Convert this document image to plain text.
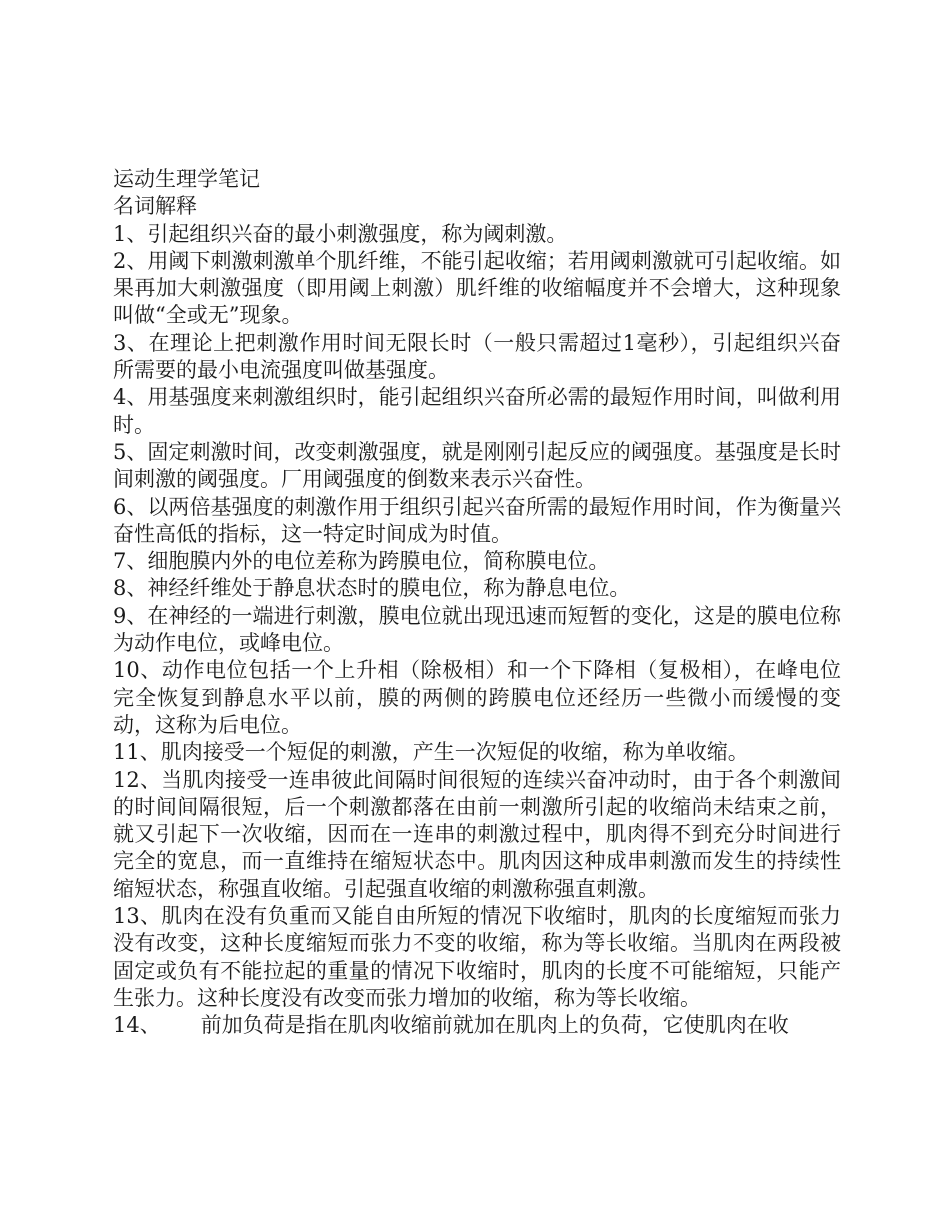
运动生理学笔记

名词解释

1、引起组织兴奋的最小刺激强度，称为阈刺激。

2、用阈下刺激刺激单个肌纤维，不能引起收缩；若用阈刺激就可引起收缩。如果再加大刺激强度（即用阈上刺激）肌纤维的收缩幅度并不会增大，这种现象叫做“全或无”现象。

3、在理论上把刺激作用时间无限长时（一般只需超过1毫秒），引起组织兴奋所需要的最小电流强度叫做基强度。

4、用基强度来刺激组织时，能引起组织兴奋所必需的最短作用时间，叫做利用时。

5、固定刺激时间，改变刺激强度，就是刚刚引起反应的阈强度。基强度是长时间刺激的阈强度。厂用阈强度的倒数来表示兴奋性。

6、以两倍基强度的刺激作用于组织引起兴奋所需的最短作用时间，作为衡量兴奋性高低的指标，这一特定时间成为时值。

7、细胞膜内外的电位差称为跨膜电位，简称膜电位。

8、神经纤维处于静息状态时的膜电位，称为静息电位。

9、在神经的一端进行刺激，膜电位就出现迅速而短暂的变化，这是的膜电位称为动作电位，或峰电位。

10、动作电位包括一个上升相（除极相）和一个下降相（复极相），在峰电位完全恢复到静息水平以前，膜的两侧的跨膜电位还经历一些微小而缓慢的变动，这称为后电位。

11、肌肉接受一个短促的刺激，产生一次短促的收缩，称为单收缩。

12、当肌肉接受一连串彼此间隔时间很短的连续兴奋冲动时，由于各个刺激间的时间间隔很短，后一个刺激都落在由前一刺激所引起的收缩尚未结束之前，就又引起下一次收缩，因而在一连串的刺激过程中，肌肉得不到充分时间进行完全的宽息，而一直维持在缩短状态中。肌肉因这种成串刺激而发生的持续性缩短状态，称强直收缩。引起强直收缩的刺激称强直刺激。

13、肌肉在没有负重而又能自由所短的情况下收缩时，肌肉的长度缩短而张力没有改变，这种长度缩短而张力不变的收缩，称为等长收缩。当肌肉在两段被固定或负有不能拉起的重量的情况下收缩时，肌肉的长度不可能缩短，只能产生张力。这种长度没有改变而张力增加的收缩，称为等长收缩。

14、      前加负荷是指在肌肉收缩前就加在肌肉上的负荷，它使肌肉在收
